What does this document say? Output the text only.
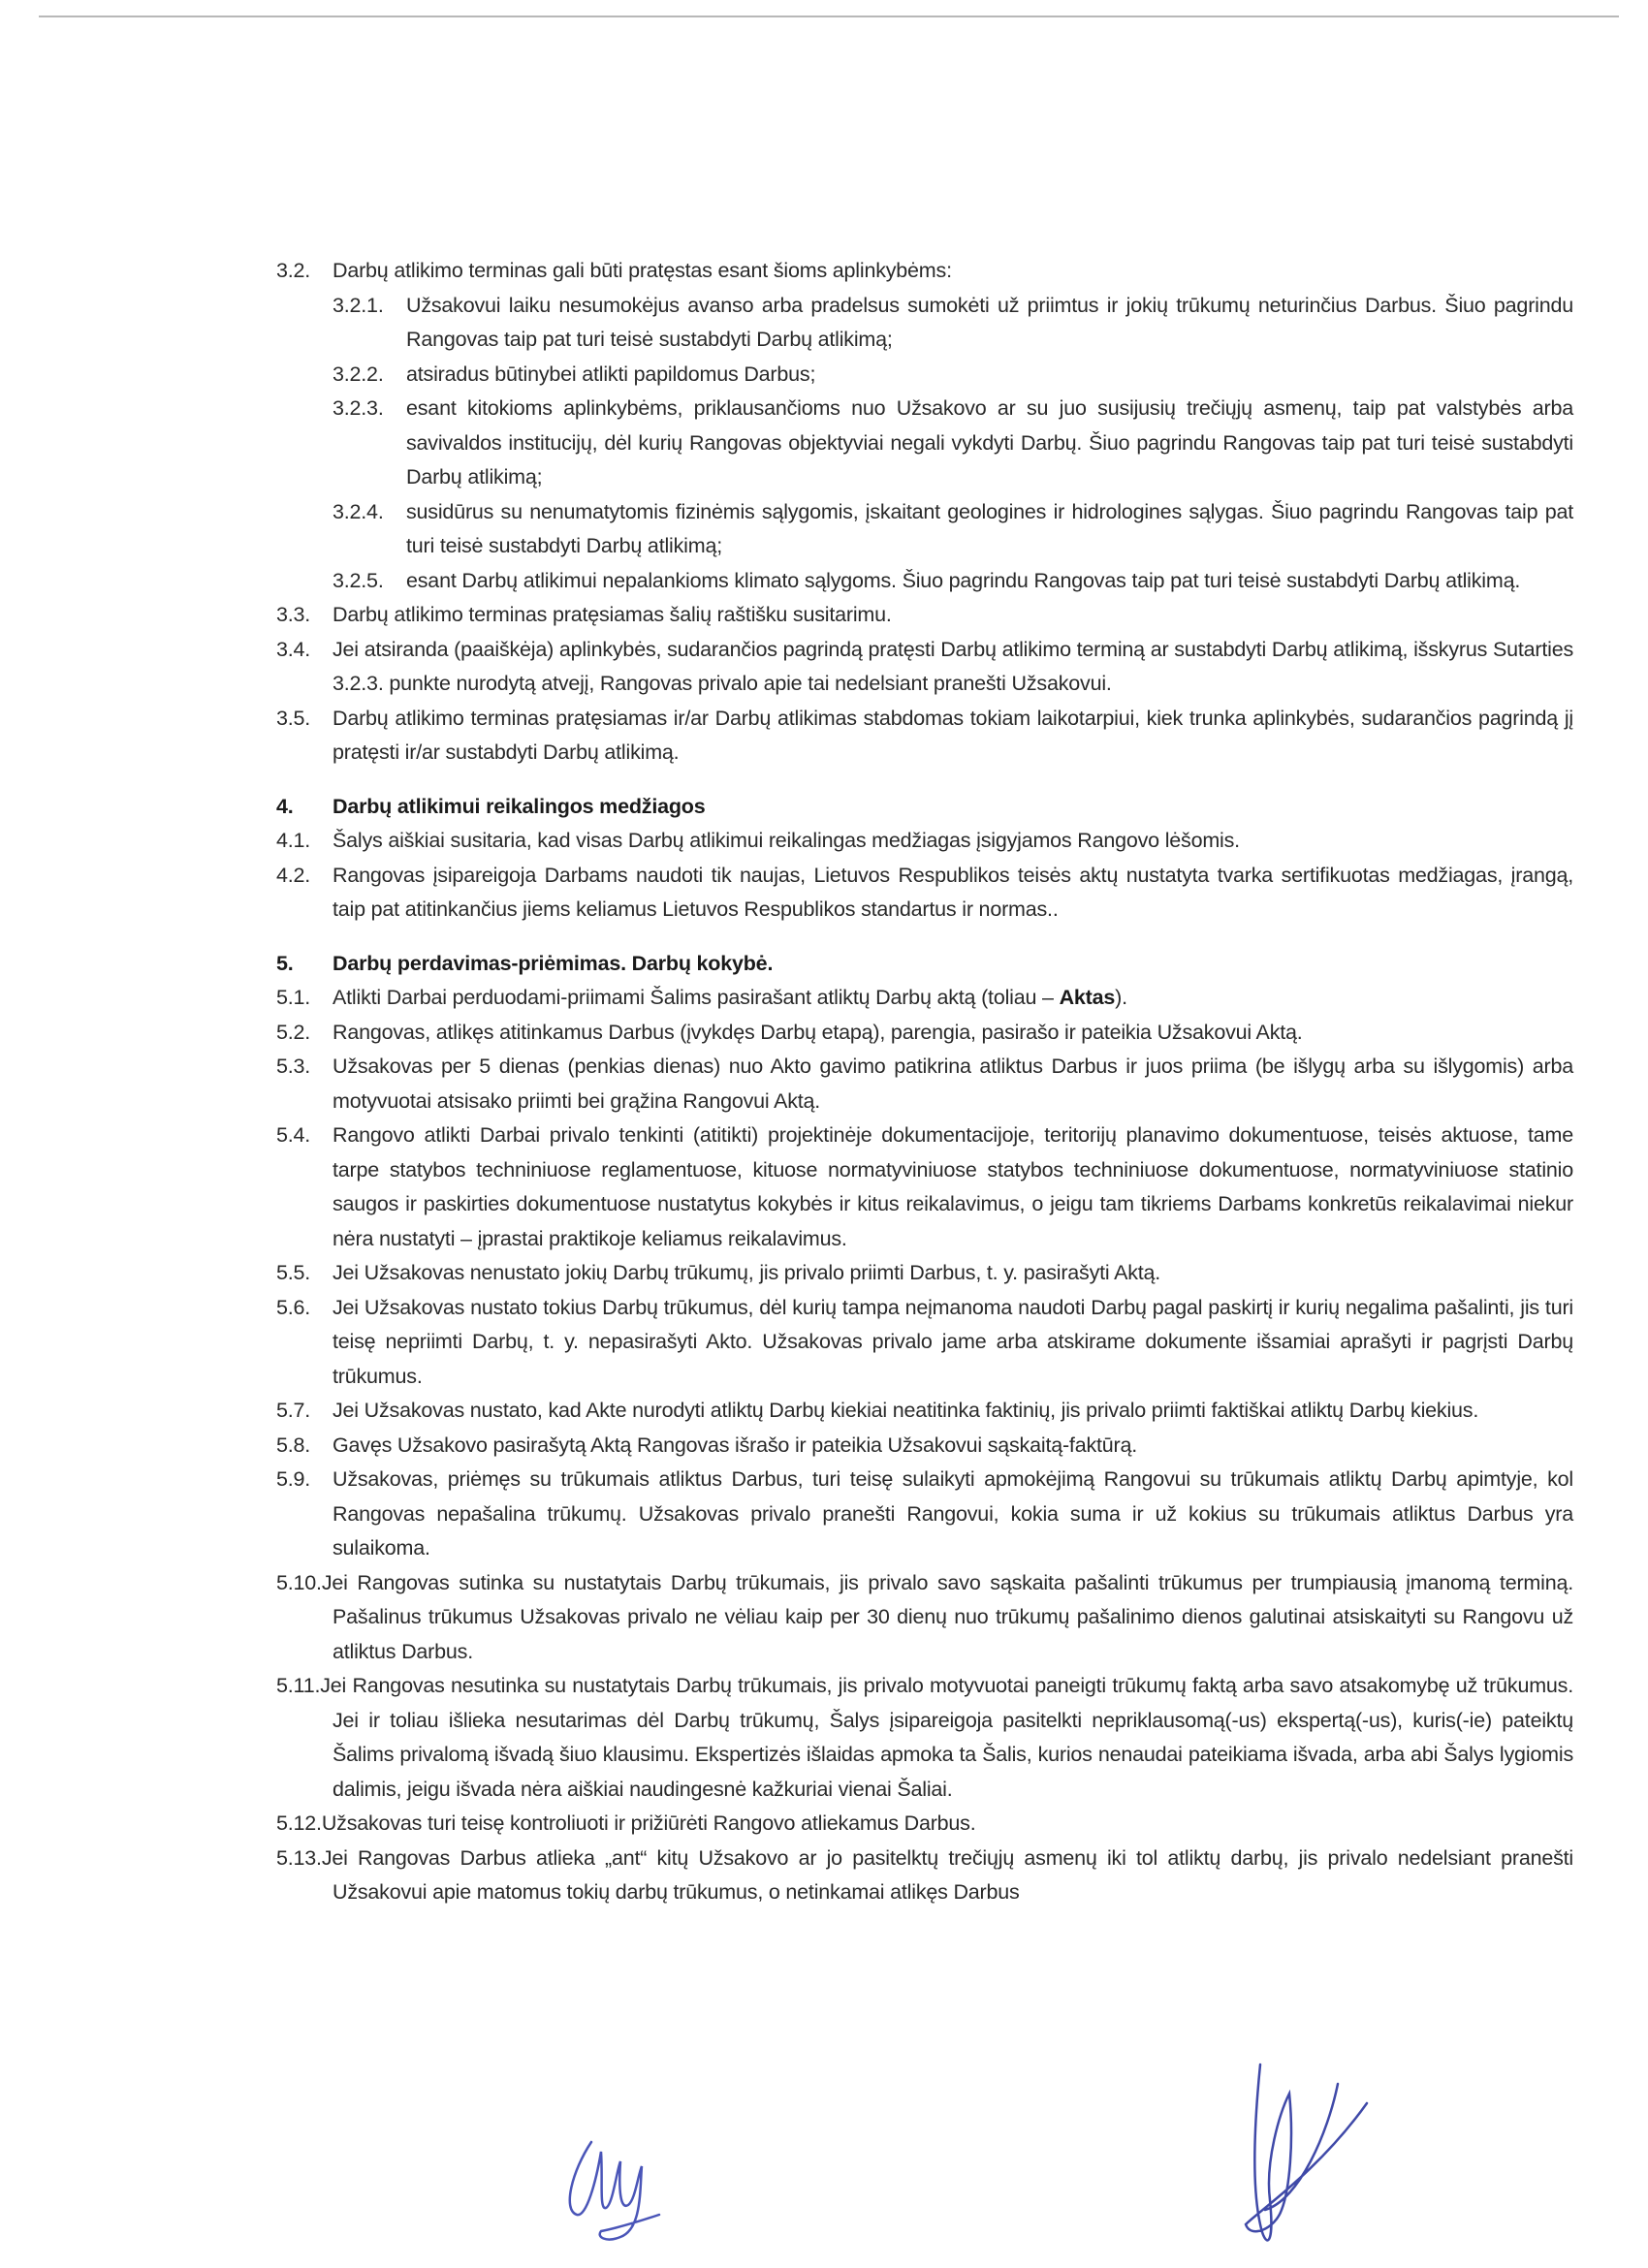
3.2. Darbų atlikimo terminas gali būti pratęstas esant šioms aplinkybėms:
3.2.1. Užsakovui laiku nesumokėjus avanso arba pradelsus sumokėti už priimtus ir jokių trūkumų neturinčius Darbus. Šiuo pagrindu Rangovas taip pat turi teisė sustabdyti Darbų atlikimą;
3.2.2. atsiradus būtinybei atlikti papildomus Darbus;
3.2.3. esant kitokioms aplinkybėms, priklausančioms nuo Užsakovo ar su juo susijusių trečiųjų asmenų, taip pat valstybės arba savivaldos institucijų, dėl kurių Rangovas objektyviai negali vykdyti Darbų. Šiuo pagrindu Rangovas taip pat turi teisė sustabdyti Darbų atlikimą;
3.2.4. susidūrus su nenumatytomis fizinėmis sąlygomis, įskaitant geologines ir hidrologines sąlygas. Šiuo pagrindu Rangovas taip pat turi teisė sustabdyti Darbų atlikimą;
3.2.5. esant Darbų atlikimui nepalankioms klimato sąlygoms. Šiuo pagrindu Rangovas taip pat turi teisė sustabdyti Darbų atlikimą.
3.3. Darbų atlikimo terminas pratęsiamas šalių raštišku susitarimu.
3.4. Jei atsiranda (paaiškėja) aplinkybės, sudarančios pagrindą pratęsti Darbų atlikimo terminą ar sustabdyti Darbų atlikimą, išskyrus Sutarties 3.2.3. punkte nurodytą atvejį, Rangovas privalo apie tai nedelsiant pranešti Užsakovui.
3.5. Darbų atlikimo terminas pratęsiamas ir/ar Darbų atlikimas stabdomas tokiam laikotarpiui, kiek trunka aplinkybės, sudarančios pagrindą jį pratęsti ir/ar sustabdyti Darbų atlikimą.
4. Darbų atlikimui reikalingos medžiagos
4.1. Šalys aiškiai susitaria, kad visas Darbų atlikimui reikalingas medžiagas įsigyjamos Rangovo lėšomis.
4.2. Rangovas įsipareigoja Darbams naudoti tik naujas, Lietuvos Respublikos teisės aktų nustatyta tvarka sertifikuotas medžiagas, įrangą, taip pat atitinkančius jiems keliamus Lietuvos Respublikos standartus ir normas..
5. Darbų perdavimas-priėmimas. Darbų kokybė.
5.1. Atlikti Darbai perduodami-priimami Šalims pasirašant atliktų Darbų aktą (toliau – Aktas).
5.2. Rangovas, atlikęs atitinkamus Darbus (įvykdęs Darbų etapą), parengia, pasirašo ir pateikia Užsakovui Aktą.
5.3. Užsakovas per 5 dienas (penkias dienas) nuo Akto gavimo patikrina atliktus Darbus ir juos priima (be išlygų arba su išlygomis) arba motyvuotai atsisako priimti bei grąžina Rangovui Aktą.
5.4. Rangovo atlikti Darbai privalo tenkinti (atitikti) projektinėje dokumentacijoje, teritorijų planavimo dokumentuose, teisės aktuose, tame tarpe statybos techniniuose reglamentuose, kituose normatyviniuose statybos techniniuose dokumentuose, normatyviniuose statinio saugos ir paskirties dokumentuose nustatytus kokybės ir kitus reikalavimus, o jeigu tam tikriems Darbams konkretūs reikalavimai niekur nėra nustatyti – įprastai praktikoje keliamus reikalavimus.
5.5. Jei Užsakovas nenustato jokių Darbų trūkumų, jis privalo priimti Darbus, t. y. pasirašyti Aktą.
5.6. Jei Užsakovas nustato tokius Darbų trūkumus, dėl kurių tampa neįmanoma naudoti Darbų pagal paskirtį ir kurių negalima pašalinti, jis turi teisę nepriimti Darbų, t. y. nepasirašyti Akto. Užsakovas privalo jame arba atskirame dokumente išsamiai aprašyti ir pagrįsti Darbų trūkumus.
5.7. Jei Užsakovas nustato, kad Akte nurodyti atliktų Darbų kiekiai neatitinka faktinių, jis privalo priimti faktiškai atliktų Darbų kiekius.
5.8. Gavęs Užsakovo pasirašytą Aktą Rangovas išrašo ir pateikia Užsakovui sąskaitą-faktūrą.
5.9. Užsakovas, priėmęs su trūkumais atliktus Darbus, turi teisę sulaikyti apmokėjimą Rangovui su trūkumais atliktų Darbų apimtyje, kol Rangovas nepašalina trūkumų. Užsakovas privalo pranešti Rangovui, kokia suma ir už kokius su trūkumais atliktus Darbus yra sulaikoma.
5.10.Jei Rangovas sutinka su nustatytais Darbų trūkumais, jis privalo savo sąskaita pašalinti trūkumus per trumpiausią įmanomą terminą. Pašalinus trūkumus Užsakovas privalo ne vėliau kaip per 30 dienų nuo trūkumų pašalinimo dienos galutinai atsiskaityti su Rangovu už atliktus Darbus.
5.11.Jei Rangovas nesutinka su nustatytais Darbų trūkumais, jis privalo motyvuotai paneigti trūkumų faktą arba savo atsakomybę už trūkumus. Jei ir toliau išlieka nesutarimas dėl Darbų trūkumų, Šalys įsipareigoja pasitelkti nepriklausomą(-us) ekspertą(-us), kuris(-ie) pateiktų Šalims privalomą išvadą šiuo klausimu. Ekspertizės išlaidas apmoka ta Šalis, kurios nenaudai pateikiama išvada, arba abi Šalys lygiomis dalimis, jeigu išvada nėra aiškiai naudingesnė kažkuriai vienai Šaliai.
5.12.Užsakovas turi teisę kontroliuoti ir prižiūrėti Rangovo atliekamus Darbus.
5.13.Jei Rangovas Darbus atlieka „ant“ kitų Užsakovo ar jo pasitelktų trečiųjų asmenų iki tol atliktų darbų, jis privalo nedelsiant pranešti Užsakovui apie matomus tokių darbų trūkumus, o netinkamai atlikęs Darbus
